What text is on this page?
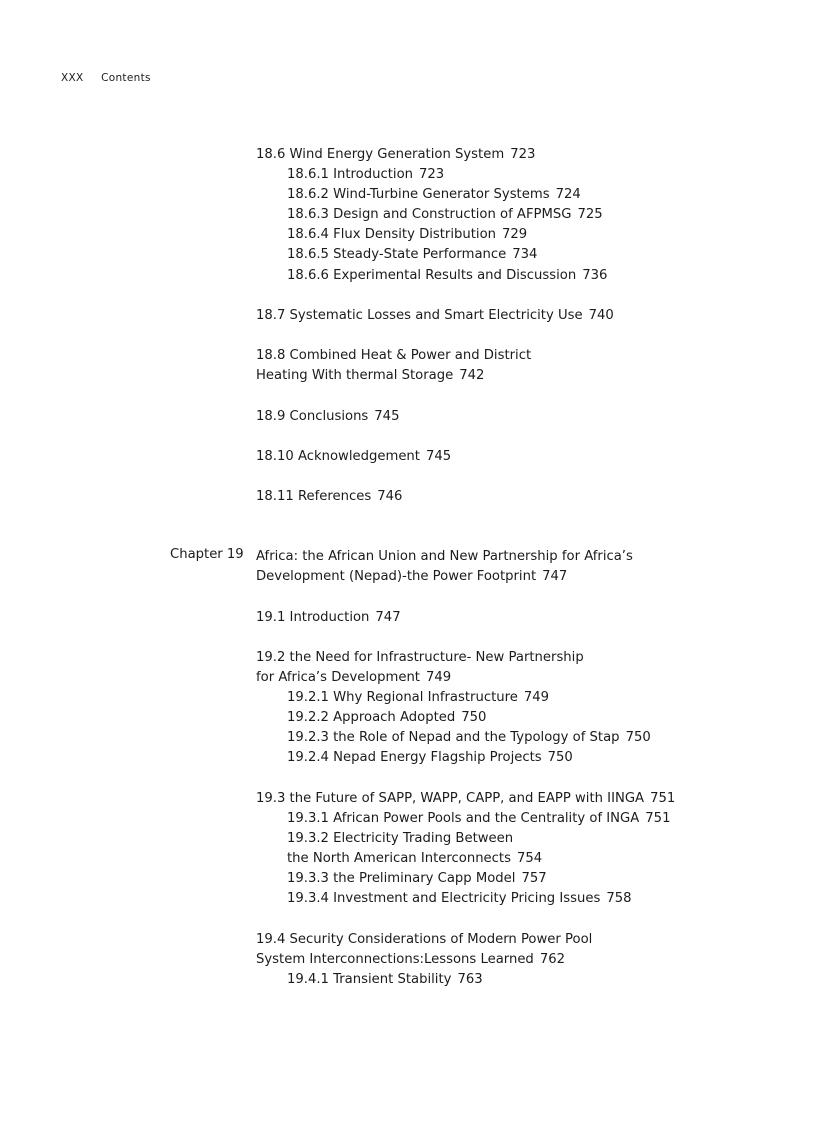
XXX Contents
18.6 Wind Energy Generation System 723
18.6.1 Introduction 723
18.6.2 Wind-Turbine Generator Systems 724
18.6.3 Design and Construction of AFPMSG 725
18.6.4 Flux Density Distribution 729
18.6.5 Steady-State Performance 734
18.6.6 Experimental Results and Discussion 736
18.7 Systematic Losses and Smart Electricity Use 740
18.8 Combined Heat & Power and District
Heating With thermal Storage 742
18.9 Conclusions 745
18.10 Acknowledgement 745
18.11 References 746
Chapter 19 Africa: the African Union and New Partnership for Africa’s
Development (Nepad)-the Power Footprint 747
19.1 Introduction 747
19.2 the Need for Infrastructure- New Partnership
for Africa’s Development 749
19.2.1 Why Regional Infrastructure 749
19.2.2 Approach Adopted 750
19.2.3 the Role of Nepad and the Typology of Stap 750
19.2.4 Nepad Energy Flagship Projects 750
19.3 the Future of SAPP, WAPP, CAPP, and EAPP with IINGA 751
19.3.1 African Power Pools and the Centrality of INGA 751
19.3.2 Electricity Trading Between
the North American Interconnects 754
19.3.3 the Preliminary Capp Model 757
19.3.4 Investment and Electricity Pricing Issues 758
19.4 Security Considerations of Modern Power Pool
System Interconnections:Lessons Learned 762
19.4.1 Transient Stability 763
